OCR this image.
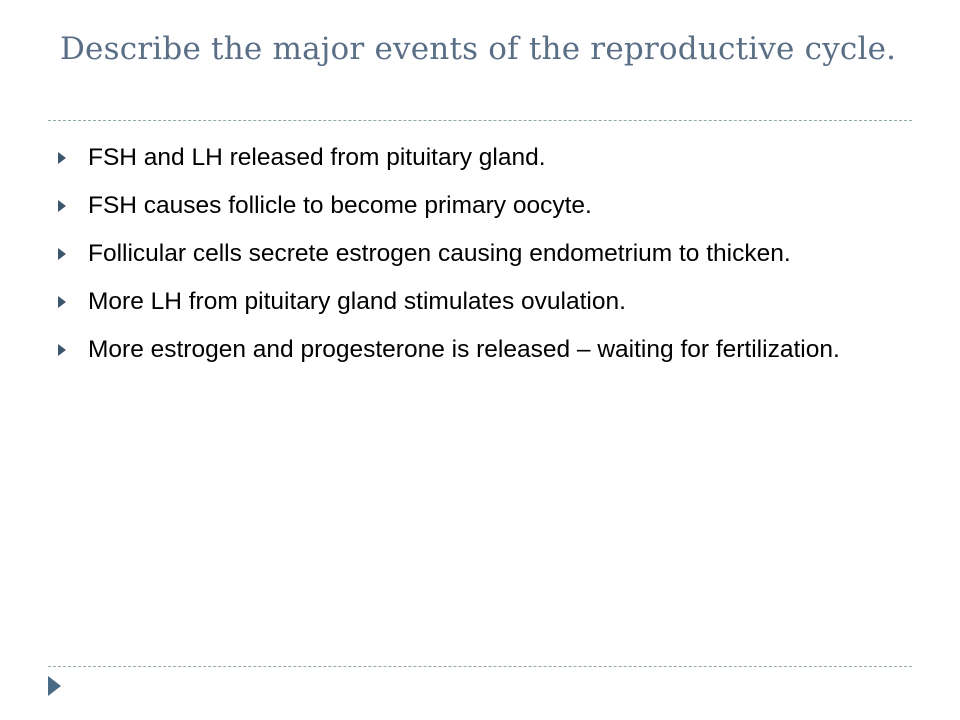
Describe the major events of the reproductive cycle.
FSH and LH released from pituitary gland.
FSH causes follicle to become primary oocyte.
Follicular cells secrete estrogen causing endometrium to thicken.
More LH from pituitary gland stimulates ovulation.
More estrogen and progesterone is released – waiting for fertilization.
